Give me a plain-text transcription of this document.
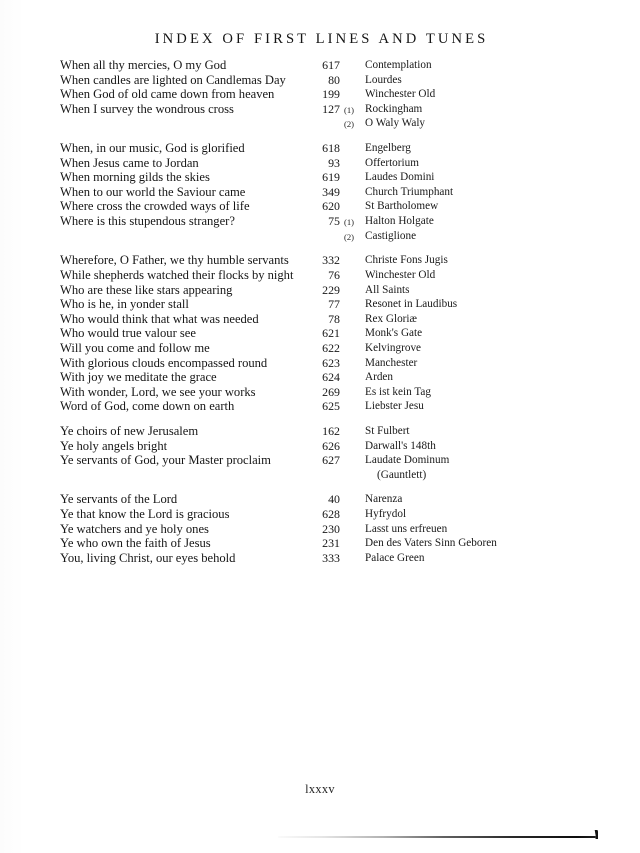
INDEX OF FIRST LINES AND TUNES
When all thy mercies, O my God	617 Contemplation
When candles are lighted on Candlemas Day	80 Lourdes
When God of old came down from heaven	199 Winchester Old
When I survey the wondrous cross	127 (1) Rockingham
(2) O Waly Waly
When, in our music, God is glorified	618 Engelberg
When Jesus came to Jordan	93 Offertorium
When morning gilds the skies	619 Laudes Domini
When to our world the Saviour came	349 Church Triumphant
Where cross the crowded ways of life	620 St Bartholomew
Where is this stupendous stranger?	75 (1) Halton Holgate
(2) Castiglione
Wherefore, O Father, we thy humble servants	332 Christe Fons Jugis
While shepherds watched their flocks by night	76 Winchester Old
Who are these like stars appearing	229 All Saints
Who is he, in yonder stall	77 Resonet in Laudibus
Who would think that what was needed	78 Rex Gloriæ
Who would true valour see	621 Monk's Gate
Will you come and follow me	622 Kelvingrove
With glorious clouds encompassed round	623 Manchester
With joy we meditate the grace	624 Arden
With wonder, Lord, we see your works	269 Es ist kein Tag
Word of God, come down on earth	625 Liebster Jesu
Ye choirs of new Jerusalem	162 St Fulbert
Ye holy angels bright	626 Darwall's 148th
Ye servants of God, your Master proclaim	627 Laudate Dominum
(Gauntlett)
Ye servants of the Lord	40 Narenza
Ye that know the Lord is gracious	628 Hyfrydol
Ye watchers and ye holy ones	230 Lasst uns erfreuen
Ye who own the faith of Jesus	231 Den des Vaters Sinn Geboren
You, living Christ, our eyes behold	333 Palace Green
lxxxv
